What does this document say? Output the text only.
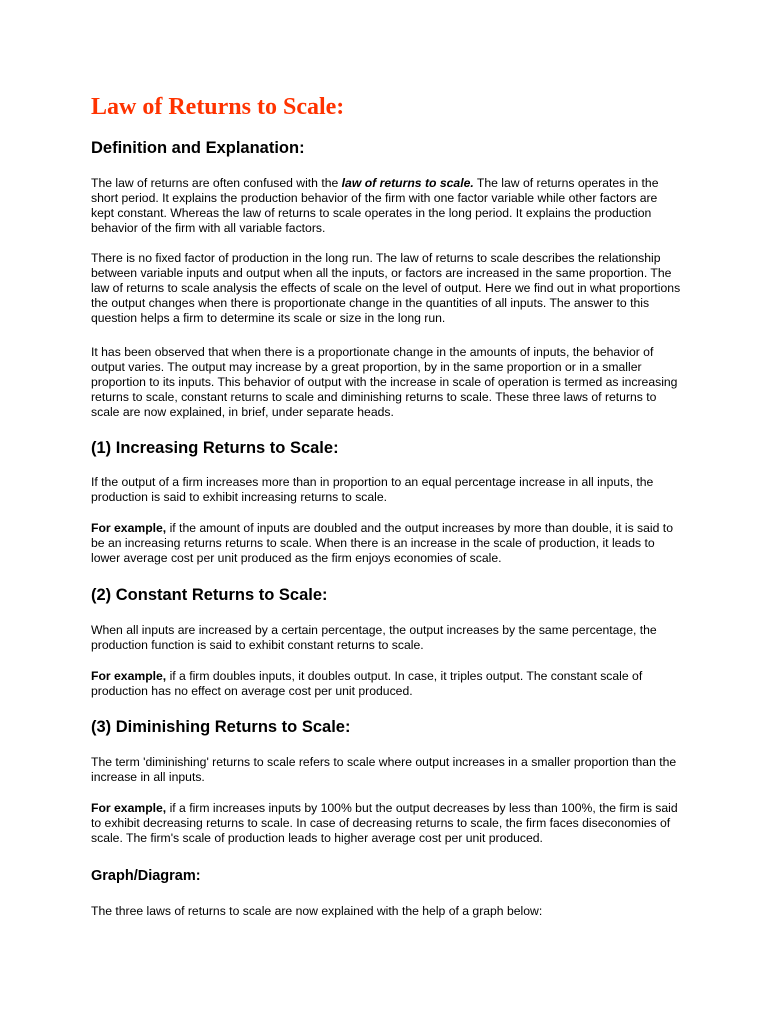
Law of Returns to Scale:
Definition and Explanation:

The law of returns are often confused with the law of returns to scale. The law of returns operates in the short period. It explains the production behavior of the firm with one factor variable while other factors are kept constant. Whereas the law of returns to scale operates in the long period. It explains the production behavior of the firm with all variable factors.

There is no fixed factor of production in the long run. The law of returns to scale describes the relationship between variable inputs and output when all the inputs, or factors are increased in the same proportion. The law of returns to scale analysis the effects of scale on the level of output. Here we find out in what proportions the output changes when there is proportionate change in the quantities of all inputs. The answer to this question helps a firm to determine its scale or size in the long run.

It has been observed that when there is a proportionate change in the amounts of inputs, the behavior of output varies. The output may increase by a great proportion, by in the same proportion or in a smaller proportion to its inputs. This behavior of output with the increase in scale of operation is termed as increasing returns to scale, constant returns to scale and diminishing returns to scale. These three laws of returns to scale are now explained, in brief, under separate heads.

(1) Increasing Returns to Scale:

If the output of a firm increases more than in proportion to an equal percentage increase in all inputs, the production is said to exhibit increasing returns to scale.

For example, if the amount of inputs are doubled and the output increases by more than double, it is said to be an increasing returns returns to scale. When there is an increase in the scale of production, it leads to lower average cost per unit produced as the firm enjoys economies of scale.

(2) Constant Returns to Scale:

When all inputs are increased by a certain percentage, the output increases by the same percentage, the production function is said to exhibit constant returns to scale.

For example, if a firm doubles inputs, it doubles output. In case, it triples output. The constant scale of production has no effect on average cost per unit produced.

(3) Diminishing Returns to Scale:

The term 'diminishing' returns to scale refers to scale where output increases in a smaller proportion than the increase in all inputs.

For example, if a firm increases inputs by 100% but the output decreases by less than 100%, the firm is said to exhibit decreasing returns to scale. In case of decreasing returns to scale, the firm faces diseconomies of scale. The firm's scale of production leads to higher average cost per unit produced.

Graph/Diagram:

The three laws of returns to scale are now explained with the help of a graph below:
